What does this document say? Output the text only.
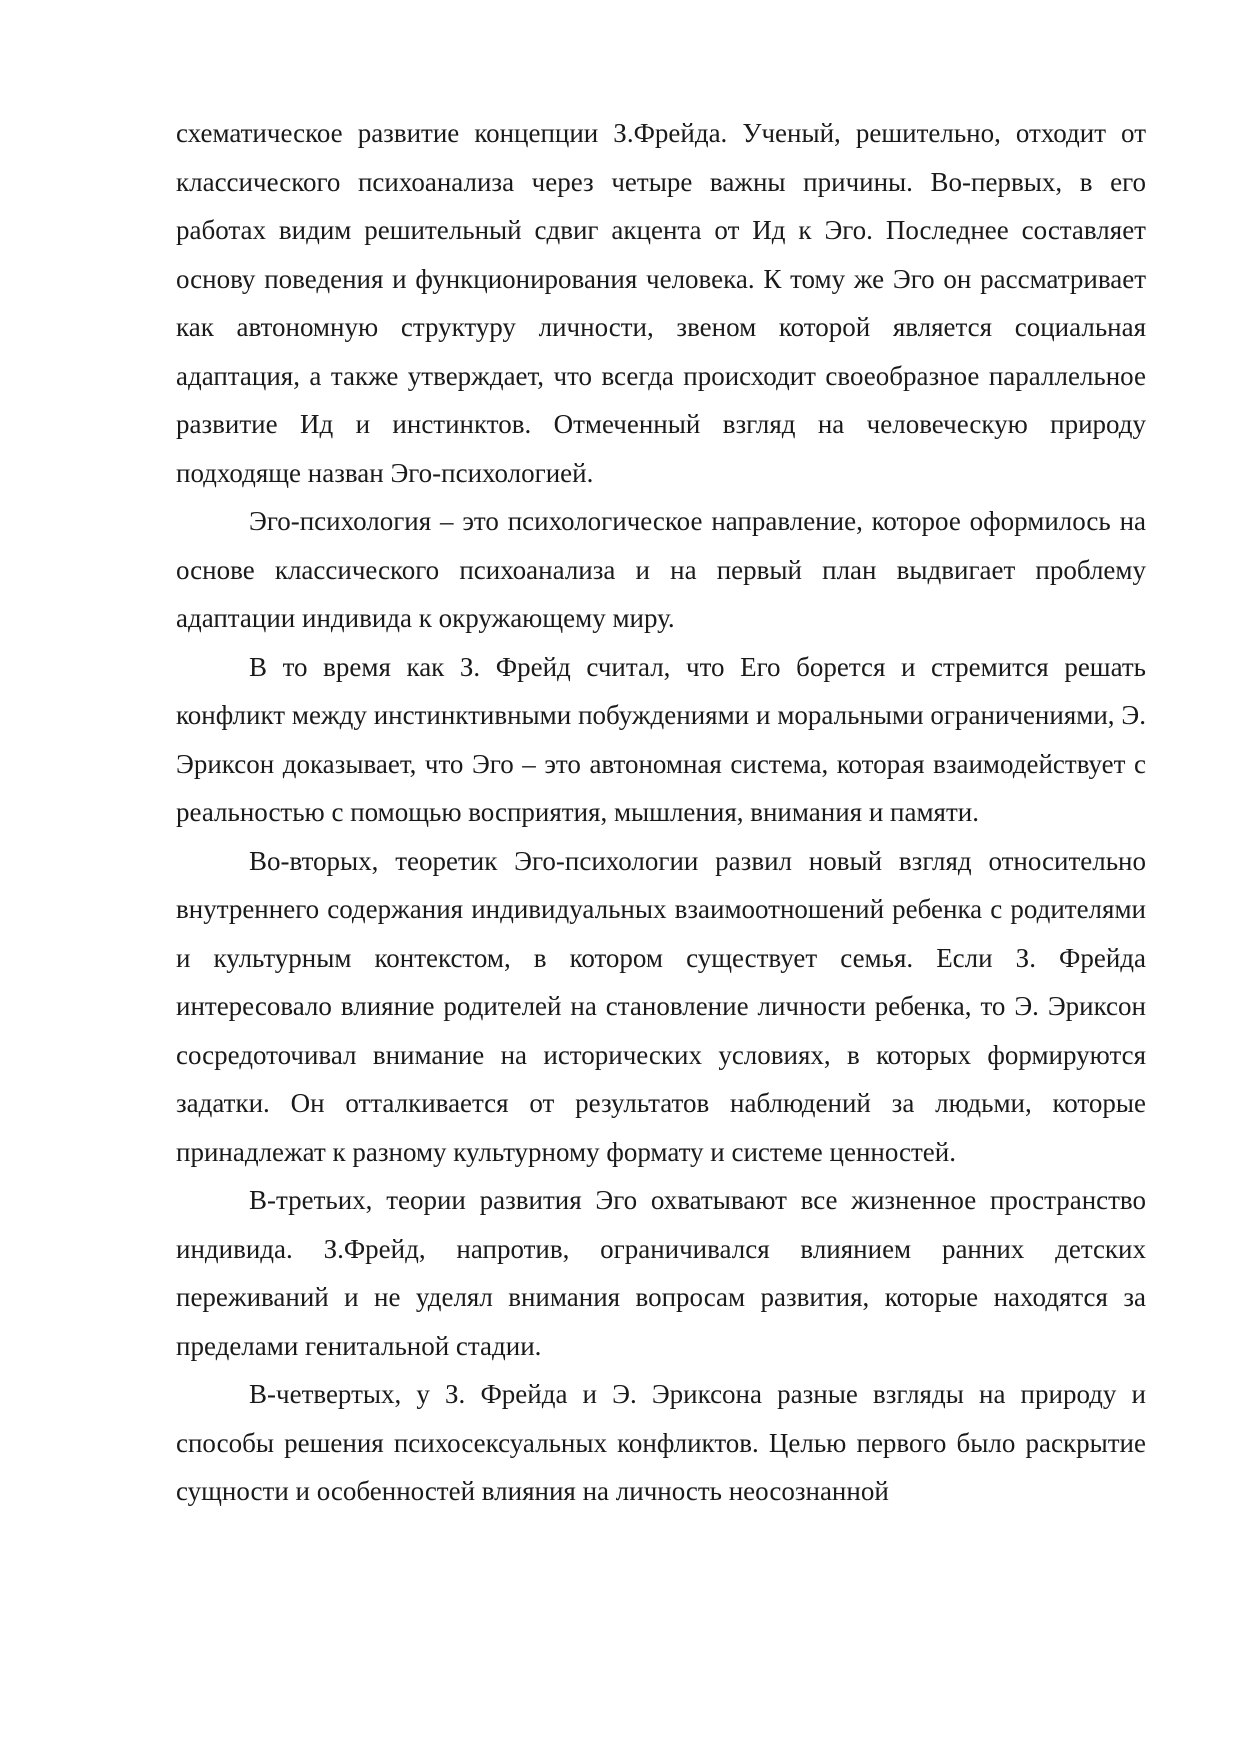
схематическое развитие концепции З.Фрейда. Ученый, решительно, отходит от классического психоанализа через четыре важны причины. Во-первых, в его работах видим решительный сдвиг акцента от Ид к Эго. Последнее составляет основу поведения и функционирования человека. К тому же Эго он рассматривает как автономную структуру личности, звеном которой является социальная адаптация, а также утверждает, что всегда происходит своеобразное параллельное развитие Ид и инстинктов. Отмеченный взгляд на человеческую природу подходяще назван Эго-психологией.

Эго-психология – это психологическое направление, которое оформилось на основе классического психоанализа и на первый план выдвигает проблему адаптации индивида к окружающему миру.

В то время как З. Фрейд считал, что Его борется и стремится решать конфликт между инстинктивными побуждениями и моральными ограничениями, Э. Эриксон доказывает, что Эго – это автономная система, которая взаимодействует с реальностью с помощью восприятия, мышления, внимания и памяти.

Во-вторых, теоретик Эго-психологии развил новый взгляд относительно внутреннего содержания индивидуальных взаимоотношений ребенка с родителями и культурным контекстом, в котором существует семья. Если З. Фрейда интересовало влияние родителей на становление личности ребенка, то Э. Эриксон сосредоточивал внимание на исторических условиях, в которых формируются задатки. Он отталкивается от результатов наблюдений за людьми, которые принадлежат к разному культурному формату и системе ценностей.

В-третьих, теории развития Эго охватывают все жизненное пространство индивида. З.Фрейд, напротив, ограничивался влиянием ранних детских переживаний и не уделял внимания вопросам развития, которые находятся за пределами генитальной стадии.

В-четвертых, у З. Фрейда и Э. Эриксона разные взгляды на природу и способы решения психосексуальных конфликтов. Целью первого было раскрытие сущности и особенностей влияния на личность неосознанной
